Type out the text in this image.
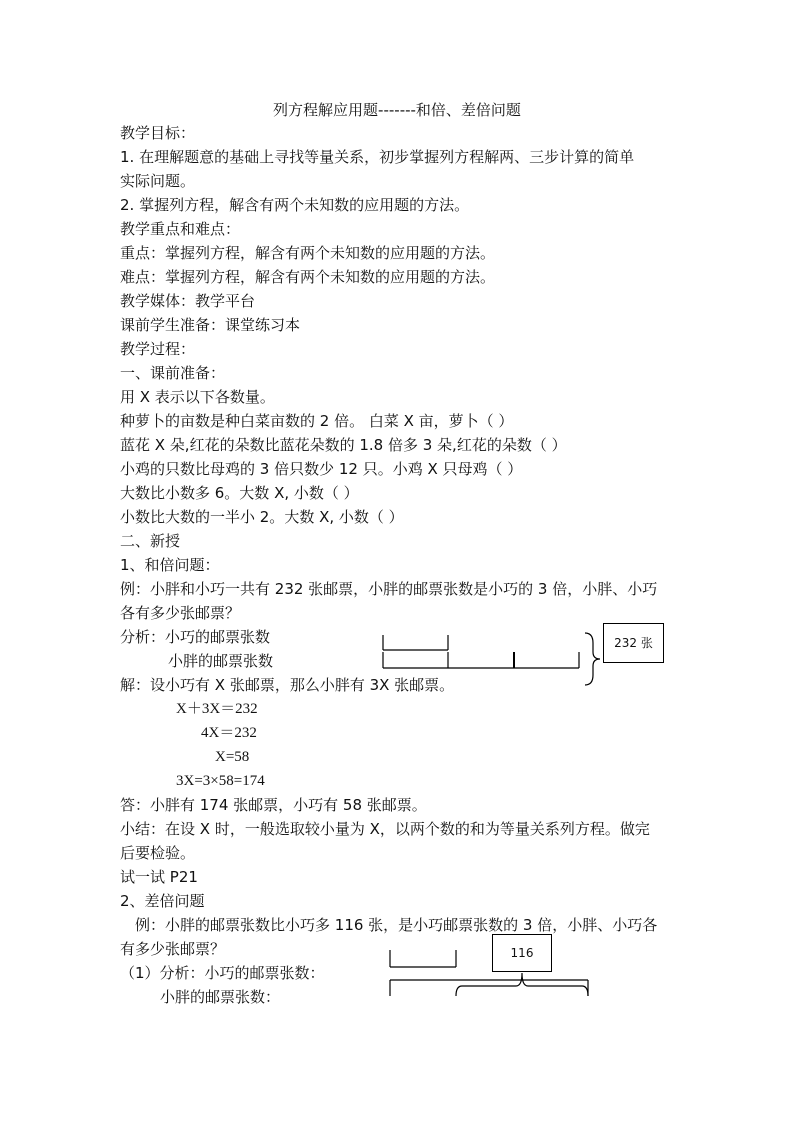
列方程解应用题-------和倍、差倍问题
教学目标：
1. 在理解题意的基础上寻找等量关系，初步掌握列方程解两、三步计算的简单
实际问题。
2. 掌握列方程，解含有两个未知数的应用题的方法。
教学重点和难点：
重点：掌握列方程，解含有两个未知数的应用题的方法。
难点：掌握列方程，解含有两个未知数的应用题的方法。
教学媒体：教学平台
课前学生准备：课堂练习本
教学过程：
一、课前准备：
用 X 表示以下各数量。
种萝卜的亩数是种白菜亩数的 2 倍。 白菜 X 亩，萝卜（ ）
蓝花 X 朵,红花的朵数比蓝花朵数的 1.8 倍多 3 朵,红花的朵数（ ）
小鸡的只数比母鸡的 3 倍只数少 12 只。小鸡 X 只母鸡（ ）
大数比小数多 6。大数 X, 小数（ ）
小数比大数的一半小 2。大数 X, 小数（ ）
二、新授
1、和倍问题：
例：小胖和小巧一共有 232 张邮票，小胖的邮票张数是小巧的 3 倍，小胖、小巧
各有多少张邮票？
分析：小巧的邮票张数
小胖的邮票张数
解：设小巧有 X 张邮票，那么小胖有 3X 张邮票。
X＋3X＝232
4X＝232
X=58
3X=3×58=174
答：小胖有 174 张邮票，小巧有 58 张邮票。
小结：在设 X 时，一般选取较小量为 X，以两个数的和为等量关系列方程。做完
后要检验。
试一试 P21
2、差倍问题
例：小胖的邮票张数比小巧多 116 张，是小巧邮票张数的 3 倍，小胖、小巧各
有多少张邮票？
（1）分析：小巧的邮票张数：
小胖的邮票张数：
232 张
116
